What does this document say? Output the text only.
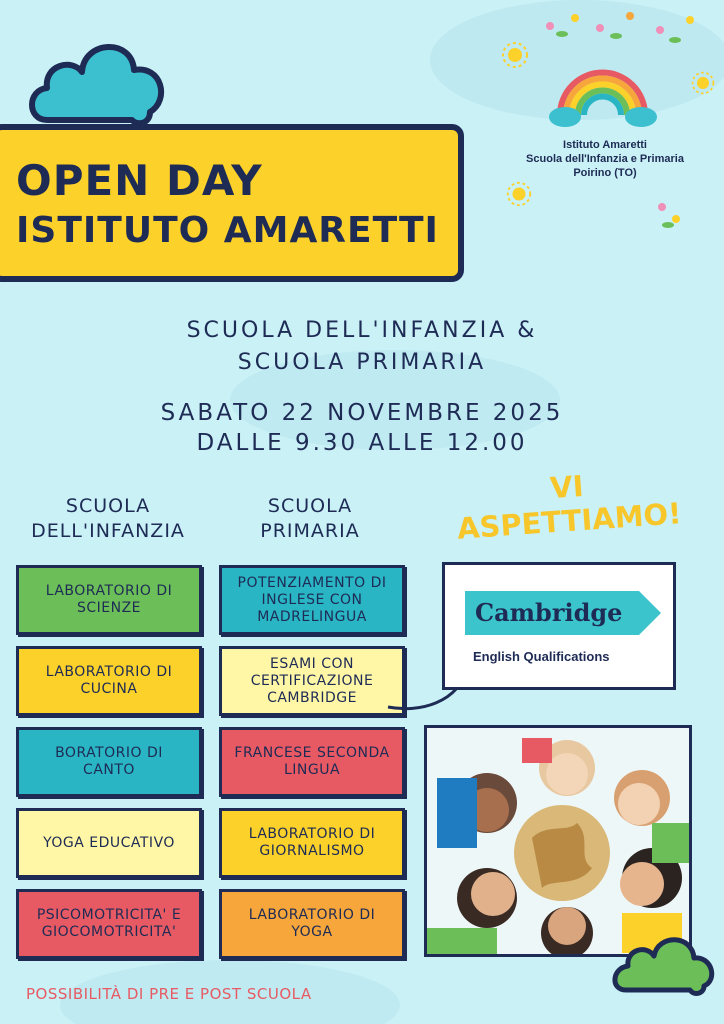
OPEN DAY
ISTITUTO AMARETTI
Istituto Amaretti
Scuola dell'Infanzia e Primaria
Poirino (TO)
SCUOLA DELL'INFANZIA &
SCUOLA PRIMARIA
SABATO 22 NOVEMBRE 2025
DALLE 9.30 ALLE 12.00
SCUOLA
DELL'INFANZIA
SCUOLA
PRIMARIA
VI
ASPETTIAMO!
LABORATORIO DI SCIENZE
LABORATORIO DI CUCINA
BORATORIO DI CANTO
YOGA EDUCATIVO
PSICOMOTRICITA' E GIOCOMOTRICITA'
POTENZIAMENTO DI INGLESE CON MADRELINGUA
ESAMI CON CERTIFICAZIONE CAMBRIDGE
FRANCESE SECONDA LINGUA
LABORATORIO DI GIORNALISMO
LABORATORIO DI YOGA
Cambridge
English Qualifications
POSSIBILITÀ DI PRE E POST SCUOLA
